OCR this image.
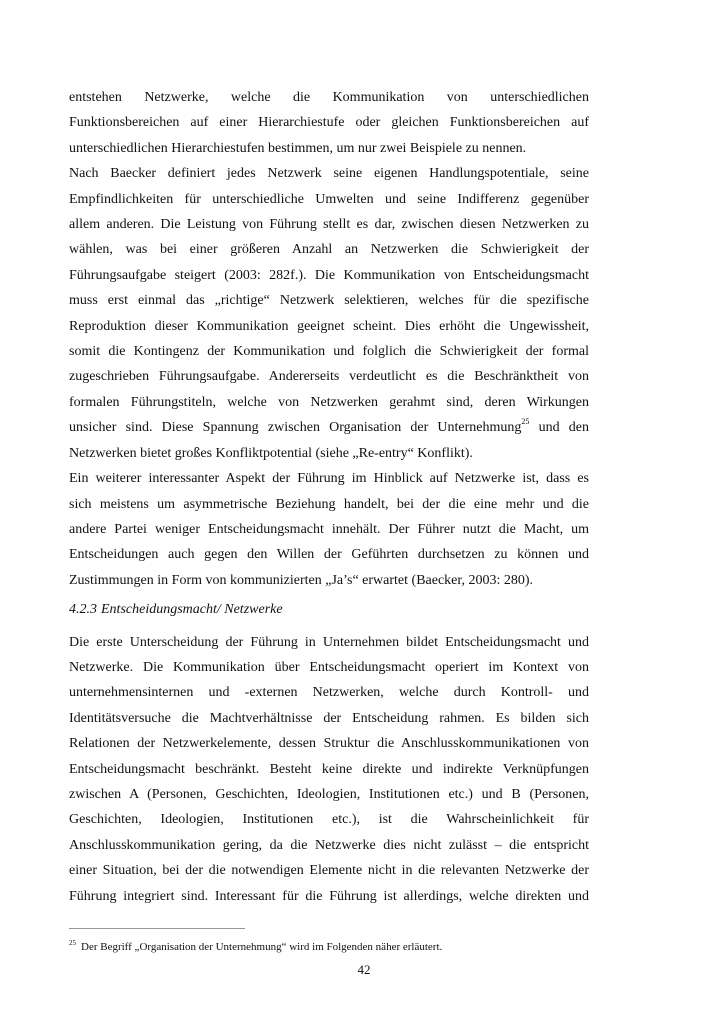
entstehen Netzwerke, welche die Kommunikation von unterschiedlichen
Funktionsbereichen auf einer Hierarchiestufe oder gleichen Funktionsbereichen auf
unterschiedlichen Hierarchiestufen bestimmen, um nur zwei Beispiele zu nennen.
Nach Baecker definiert jedes Netzwerk seine eigenen Handlungspotentiale, seine
Empfindlichkeiten für unterschiedliche Umwelten und seine Indifferenz gegenüber
allem anderen. Die Leistung von Führung stellt es dar, zwischen diesen Netzwerken zu
wählen, was bei einer größeren Anzahl an Netzwerken die Schwierigkeit der
Führungsaufgabe steigert (2003: 282f.). Die Kommunikation von Entscheidungsmacht
muss erst einmal das „richtige“ Netzwerk selektieren, welches für die spezifische
Reproduktion dieser Kommunikation geeignet scheint. Dies erhöht die Ungewissheit,
somit die Kontingenz der Kommunikation und folglich die Schwierigkeit der formal
zugeschrieben Führungsaufgabe. Andererseits verdeutlicht es die Beschränktheit von
formalen Führungstiteln, welche von Netzwerken gerahmt sind, deren Wirkungen
unsicher sind. Diese Spannung zwischen Organisation der Unternehmung$^{25}$ und den
Netzwerken bietet großes Konfliktpotential (siehe „Re-entry“ Konflikt).
Ein weiterer interessanter Aspekt der Führung im Hinblick auf Netzwerke ist, dass es
sich meistens um asymmetrische Beziehung handelt, bei der die eine mehr und die
andere Partei weniger Entscheidungsmacht innehält. Der Führer nutzt die Macht, um
Entscheidungen auch gegen den Willen der Geführten durchsetzen zu können und
Zustimmungen in Form von kommunizierten „Ja’s“ erwartet (Baecker, 2003: 280).
4.2.3 Entscheidungsmacht/ Netzwerke
Die erste Unterscheidung der Führung in Unternehmen bildet Entscheidungsmacht und
Netzwerke. Die Kommunikation über Entscheidungsmacht operiert im Kontext von
unternehmensinternen und -externen Netzwerken, welche durch Kontroll- und
Identitätsversuche die Machtverhältnisse der Entscheidung rahmen. Es bilden sich
Relationen der Netzwerkelemente, dessen Struktur die Anschlusskommunikationen von
Entscheidungsmacht beschränkt. Besteht keine direkte und indirekte Verknüpfungen
zwischen A (Personen, Geschichten, Ideologien, Institutionen etc.) und B (Personen,
Geschichten, Ideologien, Institutionen etc.), ist die Wahrscheinlichkeit für
Anschlusskommunikation gering, da die Netzwerke dies nicht zulässt – die entspricht
einer Situation, bei der die notwendigen Elemente nicht in die relevanten Netzwerke der
Führung integriert sind. Interessant für die Führung ist allerdings, welche direkten und
$^{25}$ Der Begriff „Organisation der Unternehmung“ wird im Folgenden näher erläutert.
42
